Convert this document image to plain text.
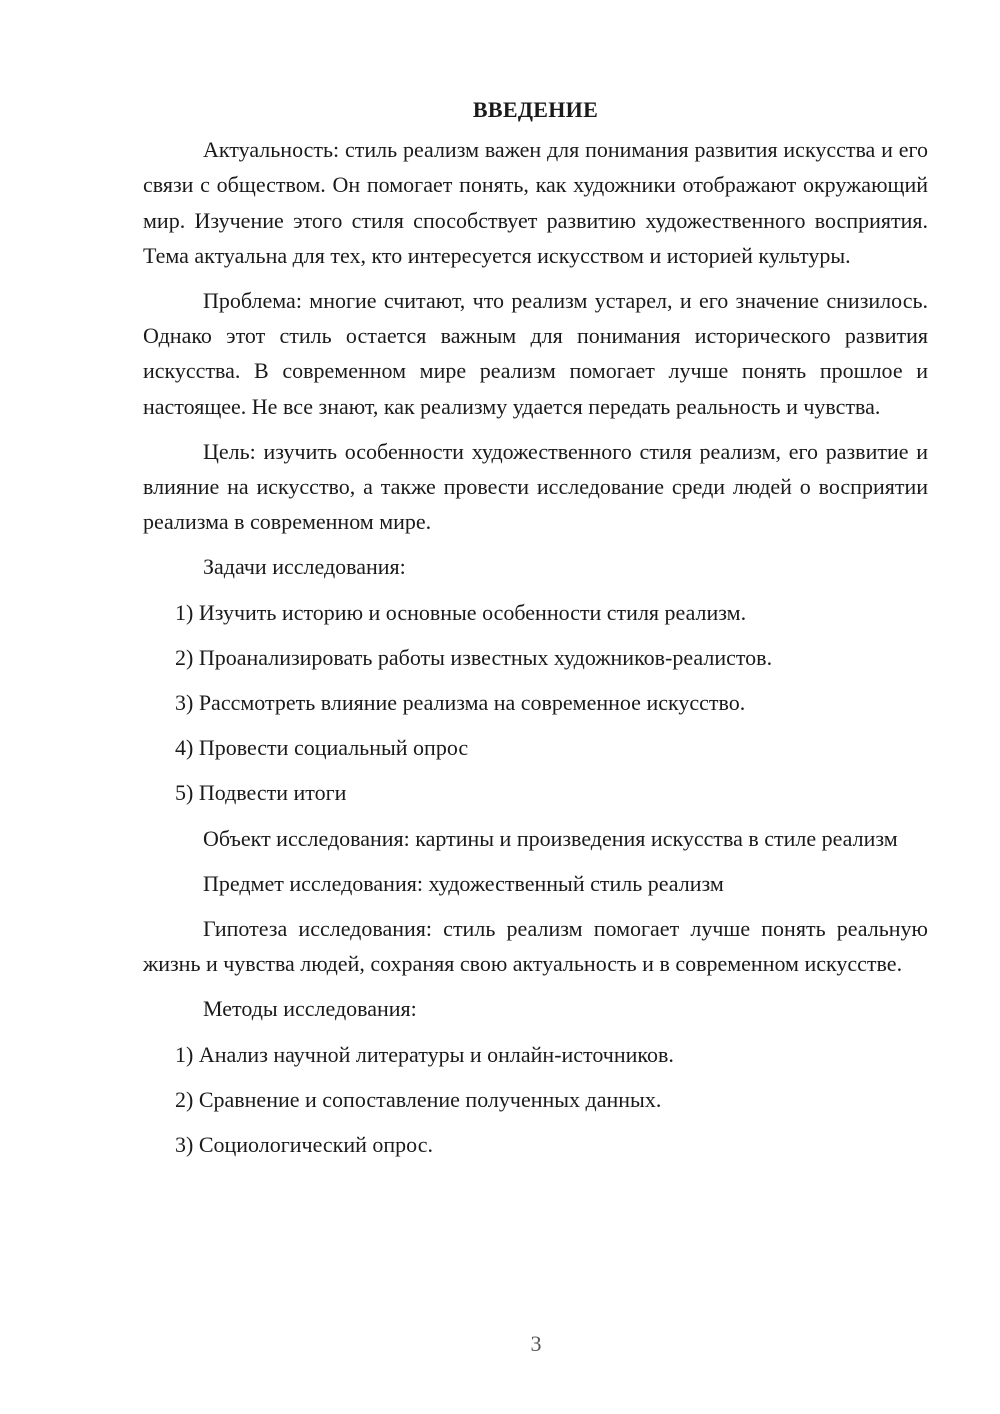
ВВЕДЕНИЕ

Актуальность: стиль реализм важен для понимания развития искусства и его связи с обществом. Он помогает понять, как художники отображают окружающий мир. Изучение этого стиля способствует развитию художественного восприятия. Тема актуальна для тех, кто интересуется искусством и историей культуры.

Проблема: многие считают, что реализм устарел, и его значение снизилось. Однако этот стиль остается важным для понимания исторического развития искусства. В современном мире реализм помогает лучше понять прошлое и настоящее. Не все знают, как реализму удается передать реальность и чувства.

Цель: изучить особенности художественного стиля реализм, его развитие и влияние на искусство, а также провести исследование среди людей о восприятии реализма в современном мире.

Задачи исследования:

1) Изучить историю и основные особенности стиля реализм.
2) Проанализировать работы известных художников-реалистов.
3) Рассмотреть влияние реализма на современное искусство.
4) Провести социальный опрос
5) Подвести итоги

Объект исследования: картины и произведения искусства в стиле реализм

Предмет исследования: художественный стиль реализм

Гипотеза исследования: стиль реализм помогает лучше понять реальную жизнь и чувства людей, сохраняя свою актуальность и в современном искусстве.

Методы исследования:

1) Анализ научной литературы и онлайн-источников.
2) Сравнение и сопоставление полученных данных.
3) Социологический опрос.
3
